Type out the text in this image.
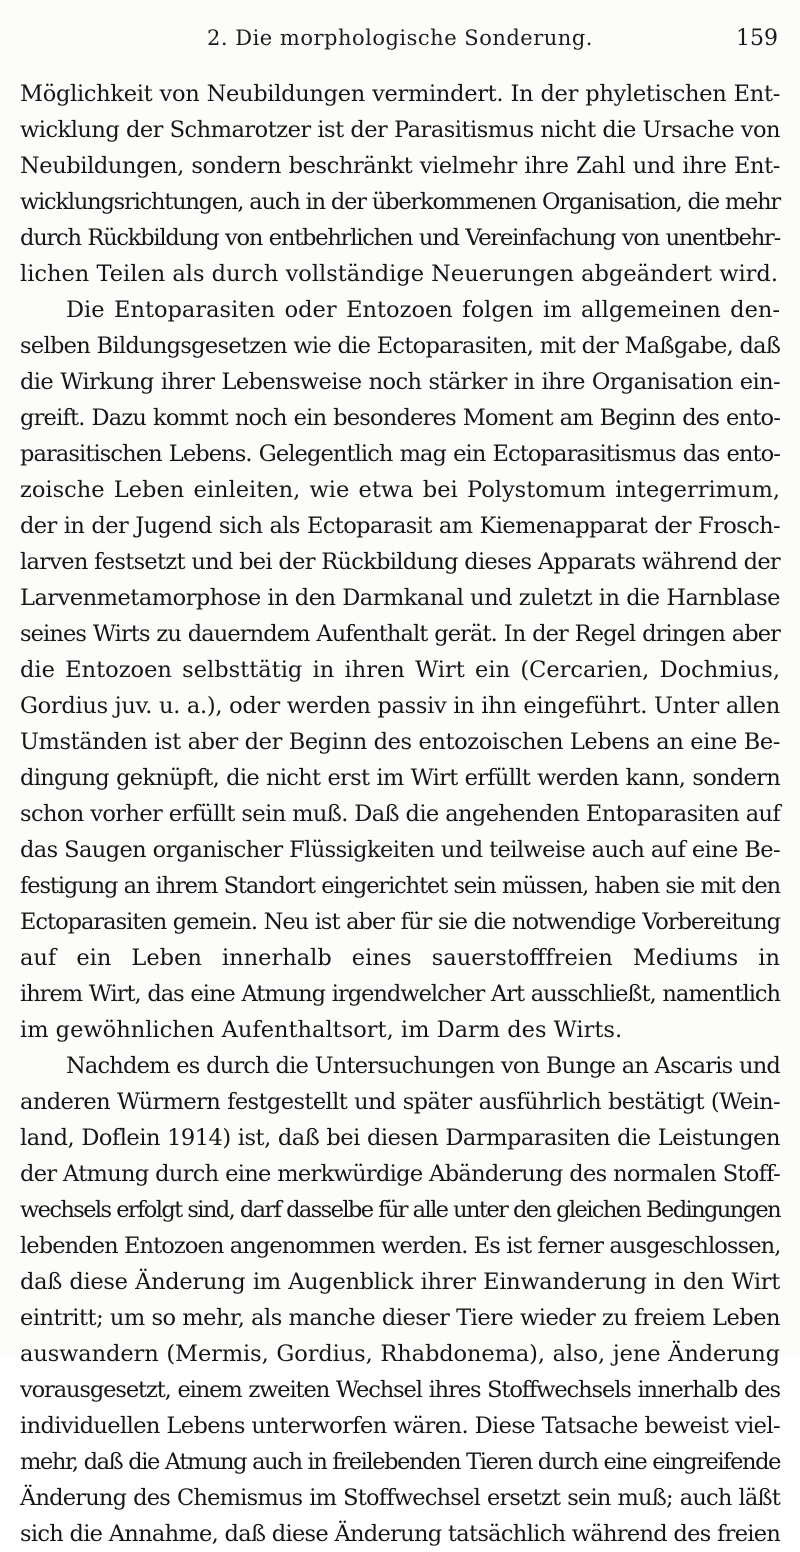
2. Die morphologische Sonderung.	159
Möglichkeit von Neubildungen vermindert. In der phyletischen Ent-
wicklung der Schmarotzer ist der Parasitismus nicht die Ursache von
Neubildungen, sondern beschränkt vielmehr ihre Zahl und ihre Ent-
wicklungsrichtungen, auch in der überkommenen Organisation, die mehr
durch Rückbildung von entbehrlichen und Vereinfachung von unentbehr-
lichen Teilen als durch vollständige Neuerungen abgeändert wird.
Die Entoparasiten oder Entozoen folgen im allgemeinen den-
selben Bildungsgesetzen wie die Ectoparasiten, mit der Maßgabe, daß
die Wirkung ihrer Lebensweise noch stärker in ihre Organisation ein-
greift. Dazu kommt noch ein besonderes Moment am Beginn des ento-
parasitischen Lebens. Gelegentlich mag ein Ectoparasitismus das ento-
zoische Leben einleiten, wie etwa bei Polystomum integerrimum,
der in der Jugend sich als Ectoparasit am Kiemenapparat der Frosch-
larven festsetzt und bei der Rückbildung dieses Apparats während der
Larvenmetamorphose in den Darmkanal und zuletzt in die Harnblase
seines Wirts zu dauerndem Aufenthalt gerät. In der Regel dringen aber
die Entozoen selbsttätig in ihren Wirt ein (Cercarien, Dochmius,
Gordius juv. u. a.), oder werden passiv in ihn eingeführt. Unter allen
Umständen ist aber der Beginn des entozoischen Lebens an eine Be-
dingung geknüpft, die nicht erst im Wirt erfüllt werden kann, sondern
schon vorher erfüllt sein muß. Daß die angehenden Entoparasiten auf
das Saugen organischer Flüssigkeiten und teilweise auch auf eine Be-
festigung an ihrem Standort eingerichtet sein müssen, haben sie mit den
Ectoparasiten gemein. Neu ist aber für sie die notwendige Vorbereitung
auf ein Leben innerhalb eines sauerstofffreien Mediums in
ihrem Wirt, das eine Atmung irgendwelcher Art ausschließt, namentlich
im gewöhnlichen Aufenthaltsort, im Darm des Wirts.
Nachdem es durch die Untersuchungen von Bunge an Ascaris und
anderen Würmern festgestellt und später ausführlich bestätigt (Wein-
land, Doflein 1914) ist, daß bei diesen Darmparasiten die Leistungen
der Atmung durch eine merkwürdige Abänderung des normalen Stoff-
wechsels erfolgt sind, darf dasselbe für alle unter den gleichen Bedingungen
lebenden Entozoen angenommen werden. Es ist ferner ausgeschlossen,
daß diese Änderung im Augenblick ihrer Einwanderung in den Wirt
eintritt; um so mehr, als manche dieser Tiere wieder zu freiem Leben
auswandern (Mermis, Gordius, Rhabdonema), also, jene Änderung
vorausgesetzt, einem zweiten Wechsel ihres Stoffwechsels innerhalb des
individuellen Lebens unterworfen wären. Diese Tatsache beweist viel-
mehr, daß die Atmung auch in freilebenden Tieren durch eine eingreifende
Änderung des Chemismus im Stoffwechsel ersetzt sein muß; auch läßt
sich die Annahme, daß diese Änderung tatsächlich während des freien
